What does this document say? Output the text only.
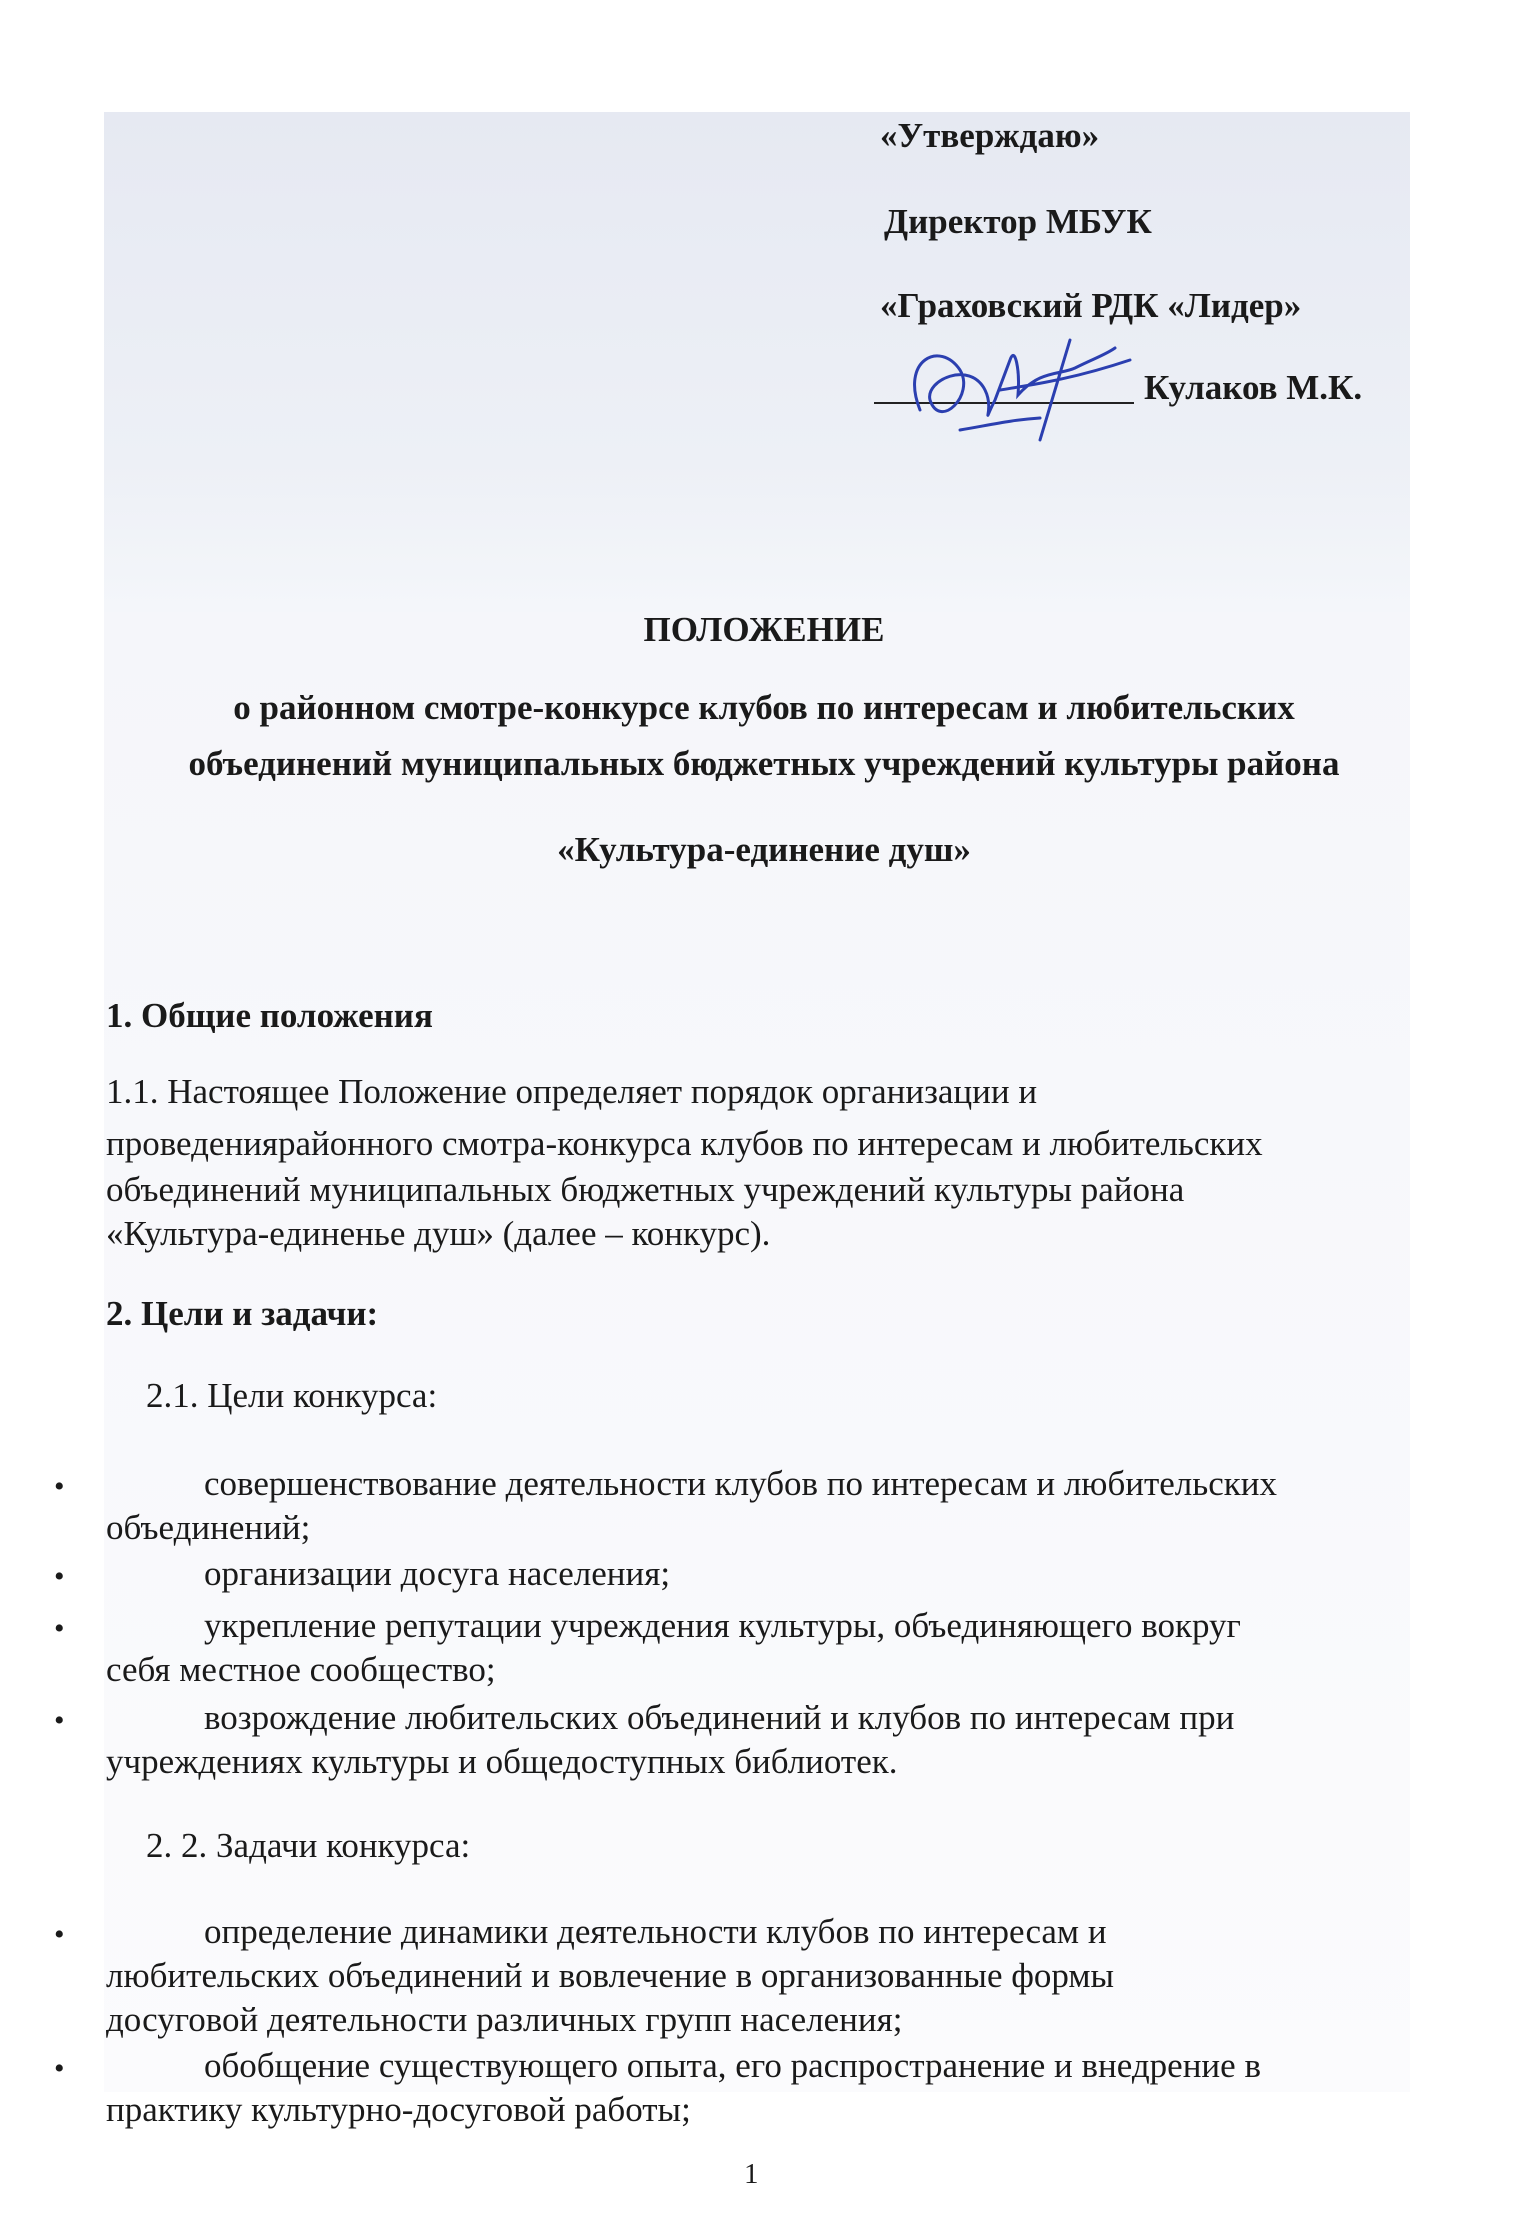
«Утверждаю»
Директор МБУК
«Граховский РДК «Лидер»
Кулаков М.К.
ПОЛОЖЕНИЕ
о районном смотре-конкурсе клубов по интересам и любительских
объединений муниципальных бюджетных учреждений культуры района
«Культура-единение душ»
1. Общие положения
1.1. Настоящее Положение определяет порядок организации и
проведениярайонного смотра-конкурса клубов по интересам и любительских
объединений муниципальных бюджетных учреждений культуры района
«Культура-единенье душ» (далее – конкурс).
2. Цели и задачи:
2.1. Цели конкурса:
•	совершенствование деятельности клубов по интересам и любительских
объединений;
•	организации досуга населения;
•	укрепление репутации учреждения культуры, объединяющего вокруг
себя местное сообщество;
•	возрождение любительских объединений и клубов по интересам при
учреждениях культуры и общедоступных библиотек.
2. 2. Задачи конкурса:
•	определение динамики деятельности клубов по интересам и
любительских объединений и вовлечение в организованные формы
досуговой деятельности различных групп населения;
•	обобщение существующего опыта, его распространение и внедрение в
практику культурно-досуговой работы;
1
